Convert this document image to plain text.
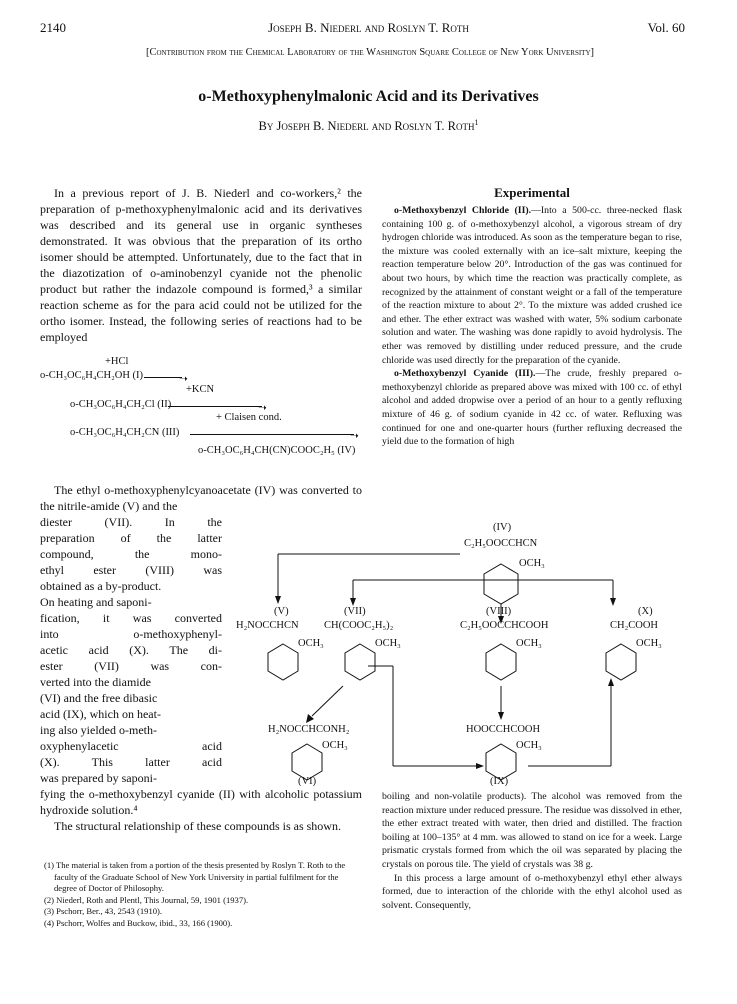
2140	Joseph B. Niederl and Roslyn T. Roth	Vol. 60
[Contribution from the Chemical Laboratory of the Washington Square College of New York University]
o-Methoxyphenylmalonic Acid and its Derivatives
By Joseph B. Niederl and Roslyn T. Roth$^1$

In a previous report of J. B. Niederl and co-workers,² the preparation of p-methoxyphenylmalonic acid and its derivatives was described and its general use in organic syntheses demonstrated. It was obvious that the preparation of its ortho isomer should be attempted. Unfortunately, due to the fact that in the diazotization of o-aminobenzyl cyanide not the phenolic product but rather the indazole compound is formed,³ a similar reaction scheme as for the para acid could not be utilized for the ortho isomer. Instead, the following series of reactions had to be employed

+HCl
o-CH₃OC₆H₄CH₂OH (I)	➝
+KCN
o-CH₃OC₆H₄CH₂Cl (II)	➝
+ Claisen cond.
o-CH₃OC₆H₄CH₂CN (III)	➝
o-CH₃OC₆H₄CH(CN)COOC₂H₅ (IV)

The ethyl o-methoxyphenylcyanoacetate (IV) was converted to the nitrile-amide (V) and the

diester (VII). In the
preparation of the latter
compound, the mono-
ethyl ester (VIII) was
obtained as a by-product.
On heating and saponi-
fication, it was converted
into o-methoxyphenyl-
acetic acid (X). The di-
ester (VII) was con-
verted into the diamide
(VI) and the free dibasic
acid (IX), which on heat-
ing also yielded o-meth-
oxyphenylacetic acid
(X). This latter acid
was prepared by saponi-
fying the o-methoxybenzyl cyanide (II) with alcoholic potassium hydroxide solution.⁴

The structural relationship of these compounds is as shown.

(1) The material is taken from a portion of the thesis presented by Roslyn T. Roth to the faculty of the Graduate School of New York University in partial fulfilment for the degree of Doctor of Philosophy.

(2) Niederl, Roth and Plentl, This Journal, 59, 1901 (1937).

(3) Pschorr, Ber., 43, 2543 (1910).

(4) Pschorr, Wolfes and Buckow, ibid., 33, 166 (1900).

Experimental

o-Methoxybenzyl Chloride (II).—Into a 500-cc. three-necked flask containing 100 g. of o-methoxybenzyl alcohol, a vigorous stream of dry hydrogen chloride was introduced. As soon as the temperature began to rise, the mixture was cooled externally with an ice–salt mixture, keeping the reaction temperature below 20°. Introduction of the gas was continued for about two hours, by which time the reaction was practically complete, as recognized by the attainment of constant weight or a fall of the temperature of the reaction mixture to about 2°. To the mixture was added crushed ice and ether. The ether extract was washed with water, 5% sodium carbonate solution and water. The washing was done rapidly to avoid hydrolysis. The ether was removed by distilling under reduced pressure, and the crude chloride was used directly for the preparation of the cyanide.

o-Methoxybenzyl Cyanide (III).—The crude, freshly prepared o-methoxybenzyl chloride as prepared above was mixed with 100 cc. of ethyl alcohol and added dropwise over a period of an hour to a gently refluxing mixture of 46 g. of sodium cyanide in 42 cc. of water. Refluxing was continued for one and one-quarter hours (further refluxing decreased the yield due to the formation of high

(IV)
C₂H₅OOCCHCN
OCH₃
(V)
H₂NOCCHCN
OCH₃
(VII)
CH(COOC₂H₅)₂
OCH₃
(VIII)
C₂H₅OOCCHCOOH
OCH₃
(X)
CH₂COOH
OCH₃
H₂NOCCHCONH₂
OCH₃
(VI)
HOOCCHCOOH
OCH₃
(IX)
boiling and non-volatile products). The alcohol was removed from the reaction mixture under reduced pressure. The residue was dissolved in ether, the ether extract treated with water, then dried and distilled. The fraction boiling at 100–135° at 4 mm. was allowed to stand on ice for a week. Large prismatic crystals formed from which the oil was separated by placing the crystals on porous tile. The yield of crystals was 38 g.

In this process a large amount of o-methoxybenzyl ethyl ether always formed, due to interaction of the chloride with the ethyl alcohol used as solvent. Consequently,
